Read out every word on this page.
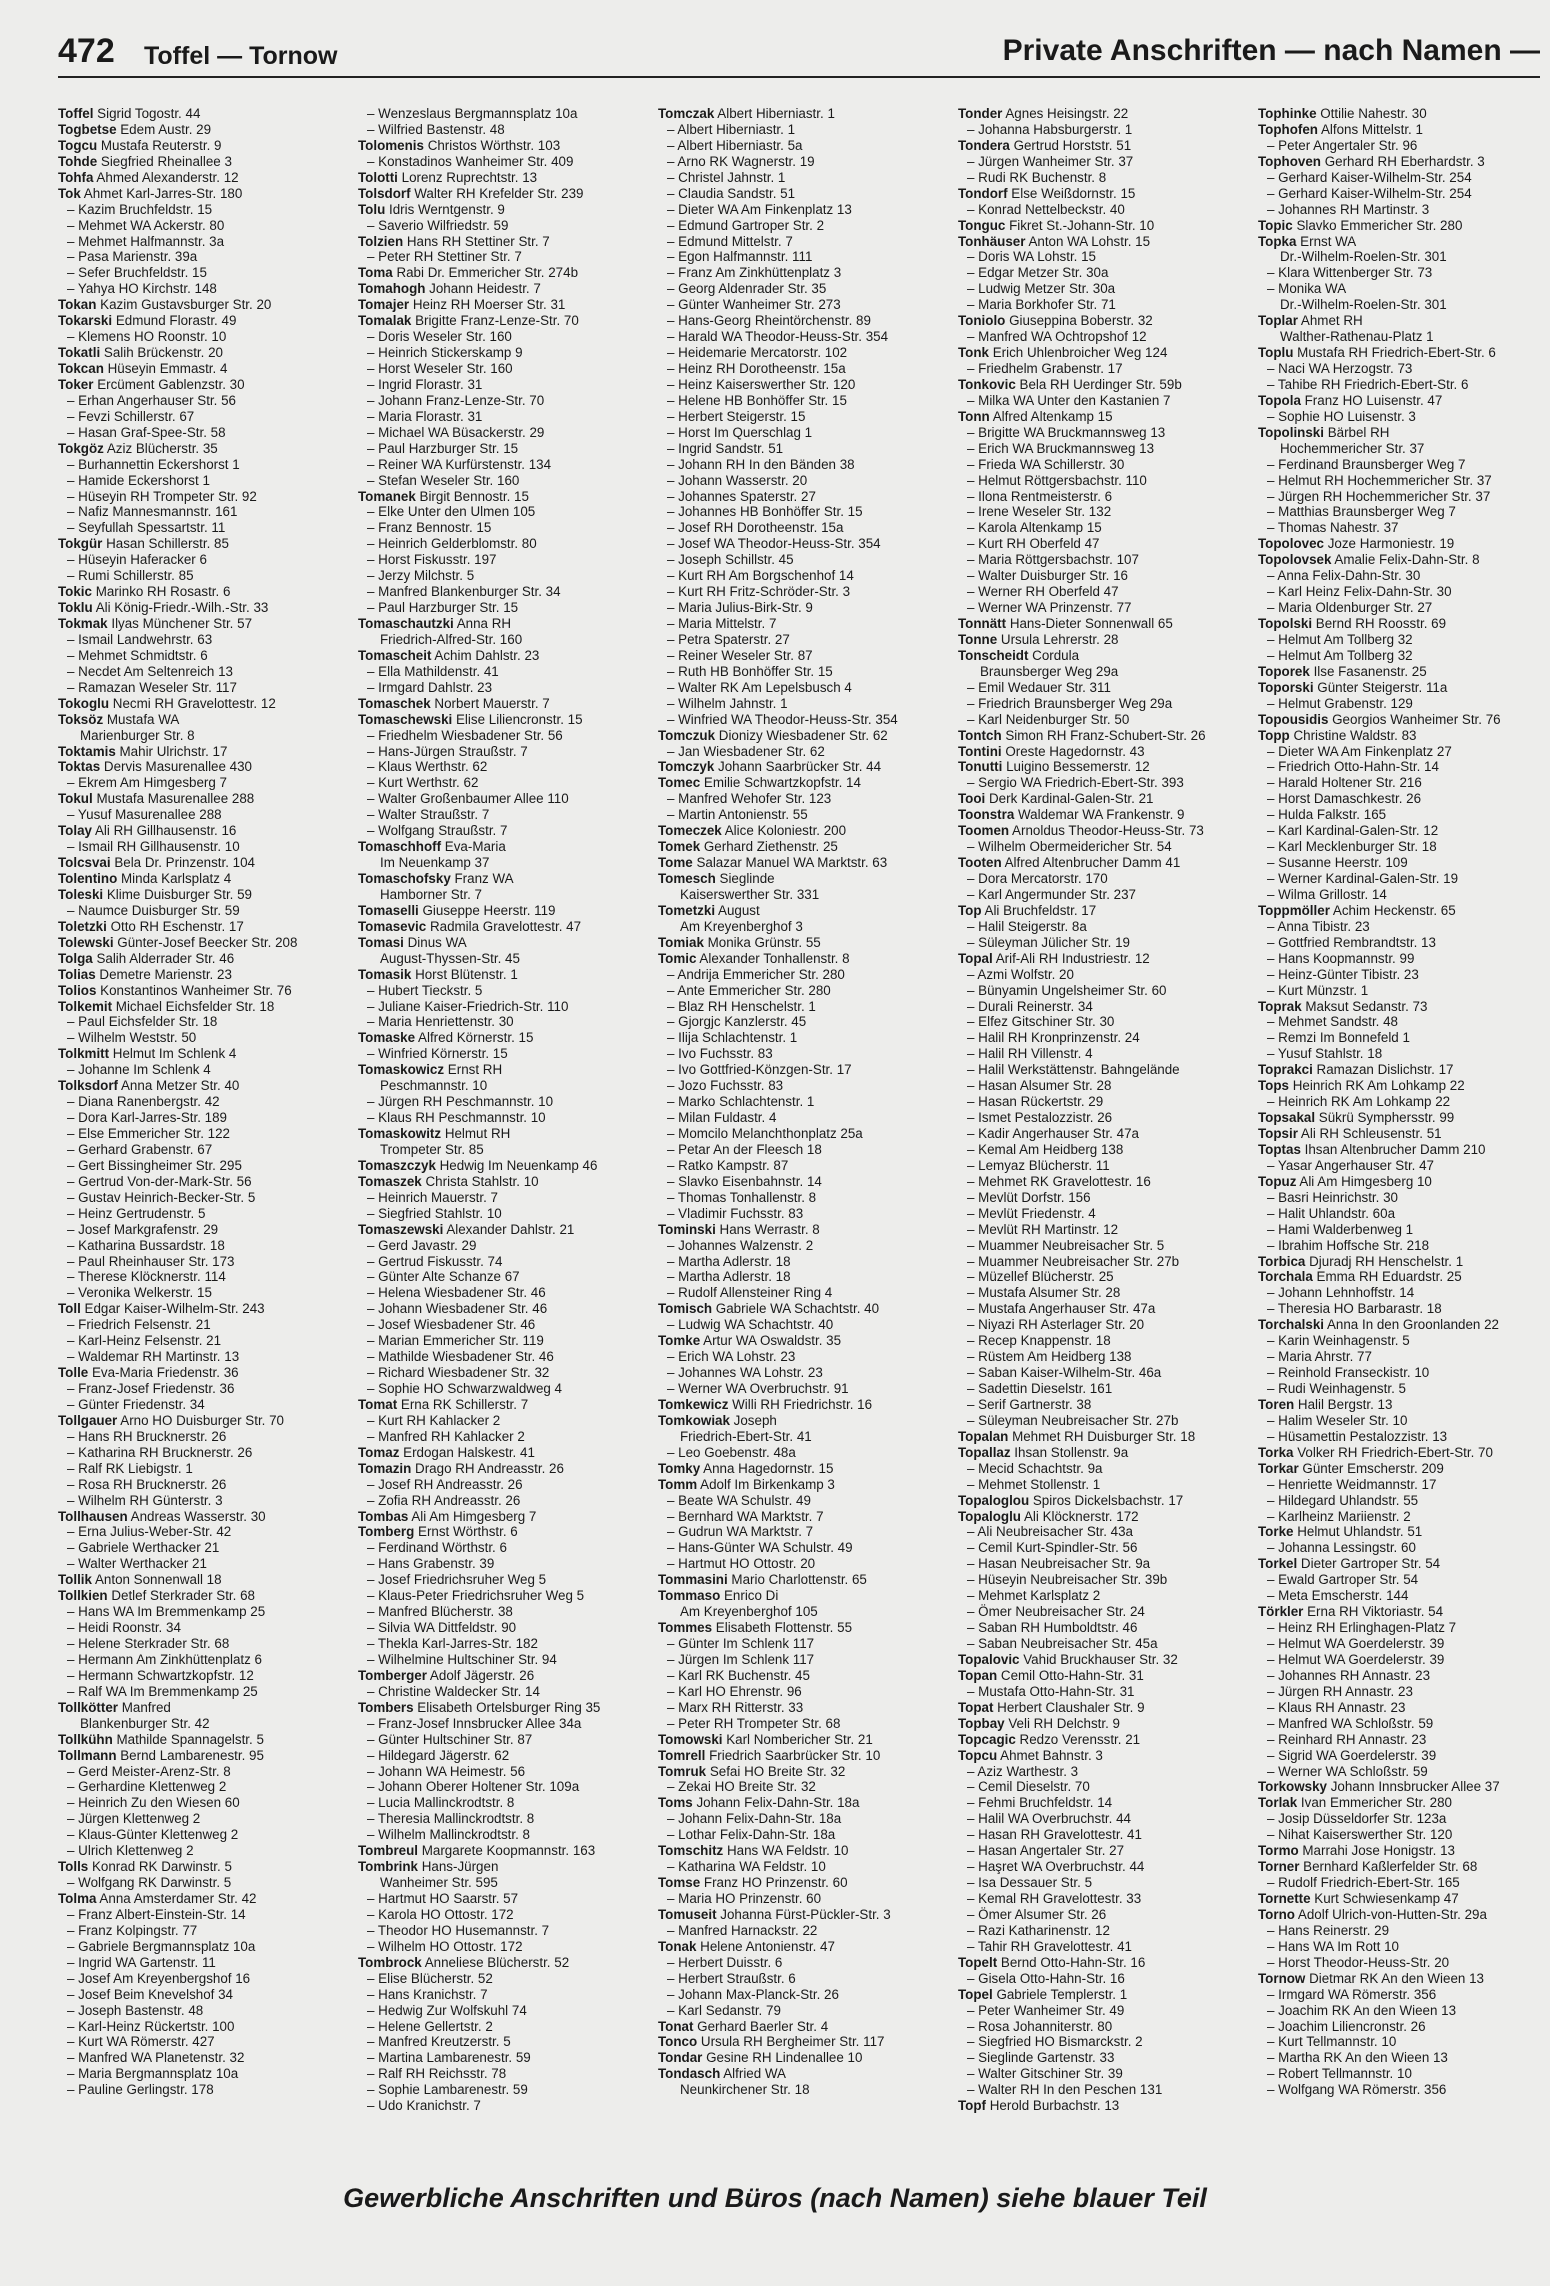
472 Toffel — Tornow	Private Anschriften — nach Namen —
Toffel Sigrid Togostr. 44
Togbetse Edem Austr. 29
Togcu Mustafa Reuterstr. 9
Tohde Siegfried Rheinallee 3
Tohfa Ahmed Alexanderstr. 12
Tok Ahmet Karl-Jarres-Str. 180
– Kazim Bruchfeldstr. 15
– Mehmet WA Ackerstr. 80
– Mehmet Halfmannstr. 3a
– Pasa Marienstr. 39a
– Sefer Bruchfeldstr. 15
– Yahya HO Kirchstr. 148
Tokan Kazim Gustavsburger Str. 20
Tokarski Edmund Florastr. 49
– Klemens HO Roonstr. 10
Tokatli Salih Brückenstr. 20
Tokcan Hüseyin Emmastr. 4
Toker Ercüment Gablenzstr. 30
– Erhan Angerhauser Str. 56
– Fevzi Schillerstr. 67
– Hasan Graf-Spee-Str. 58
Tokgöz Aziz Blücherstr. 35
– Burhannettin Eckershorst 1
– Hamide Eckershorst 1
– Hüseyin RH Trompeter Str. 92
– Nafiz Mannesmannstr. 161
– Seyfullah Spessartstr. 11
Tokgür Hasan Schillerstr. 85
– Hüseyin Haferacker 6
– Rumi Schillerstr. 85
Tokic Marinko RH Rosastr. 6
Toklu Ali König-Friedr.-Wilh.-Str. 33
Tokmak Ilyas Münchener Str. 57
– Ismail Landwehrstr. 63
– Mehmet Schmidtstr. 6
– Necdet Am Seltenreich 13
– Ramazan Weseler Str. 117
Tokoglu Necmi RH Gravelottestr. 12
Toksöz Mustafa WA
Marienburger Str. 8
Toktamis Mahir Ulrichstr. 17
Toktas Dervis Masurenallee 430
– Ekrem Am Himgesberg 7
Tokul Mustafa Masurenallee 288
– Yusuf Masurenallee 288
Tolay Ali RH Gillhausenstr. 16
– Ismail RH Gillhausenstr. 10
Tolcsvai Bela Dr. Prinzenstr. 104
Tolentino Minda Karlsplatz 4
Toleski Klime Duisburger Str. 59
– Naumce Duisburger Str. 59
Toletzki Otto RH Eschenstr. 17
Tolewski Günter-Josef Beecker Str. 208
Tolga Salih Alderrader Str. 46
Tolias Demetre Marienstr. 23
Tolios Konstantinos Wanheimer Str. 76
Tolkemit Michael Eichsfelder Str. 18
– Paul Eichsfelder Str. 18
– Wilhelm Weststr. 50
Tolkmitt Helmut Im Schlenk 4
– Johanne Im Schlenk 4
Tolksdorf Anna Metzer Str. 40
– Diana Ranenbergstr. 42
– Dora Karl-Jarres-Str. 189
– Else Emmericher Str. 122
– Gerhard Grabenstr. 67
– Gert Bissingheimer Str. 295
– Gertrud Von-der-Mark-Str. 56
– Gustav Heinrich-Becker-Str. 5
– Heinz Gertrudenstr. 5
– Josef Markgrafenstr. 29
– Katharina Bussardstr. 18
– Paul Rheinhauser Str. 173
– Therese Klöcknerstr. 114
– Veronika Welkerstr. 15
Toll Edgar Kaiser-Wilhelm-Str. 243
– Friedrich Felsenstr. 21
– Karl-Heinz Felsenstr. 21
– Waldemar RH Martinstr. 13
Tolle Eva-Maria Friedenstr. 36
– Franz-Josef Friedenstr. 36
– Günter Friedenstr. 34
Tollgauer Arno HO Duisburger Str. 70
– Hans RH Brucknerstr. 26
– Katharina RH Brucknerstr. 26
– Ralf RK Liebigstr. 1
– Rosa RH Brucknerstr. 26
– Wilhelm RH Günterstr. 3
Tollhausen Andreas Wasserstr. 30
– Erna Julius-Weber-Str. 42
– Gabriele Werthacker 21
– Walter Werthacker 21
Tollik Anton Sonnenwall 18
Tollkien Detlef Sterkrader Str. 68
– Hans WA Im Bremmenkamp 25
– Heidi Roonstr. 34
– Helene Sterkrader Str. 68
– Hermann Am Zinkhüttenplatz 6
– Hermann Schwartzkopfstr. 12
– Ralf WA Im Bremmenkamp 25
Tollkötter Manfred
Blankenburger Str. 42
Tollkühn Mathilde Spannagelstr. 5
Tollmann Bernd Lambarenestr. 95
– Gerd Meister-Arenz-Str. 8
– Gerhardine Klettenweg 2
– Heinrich Zu den Wiesen 60
– Jürgen Klettenweg 2
– Klaus-Günter Klettenweg 2
– Ulrich Klettenweg 2
Tolls Konrad RK Darwinstr. 5
– Wolfgang RK Darwinstr. 5
Tolma Anna Amsterdamer Str. 42
– Franz Albert-Einstein-Str. 14
– Franz Kolpingstr. 77
– Gabriele Bergmannsplatz 10a
– Ingrid WA Gartenstr. 11
– Josef Am Kreyenbergshof 16
– Josef Beim Knevelshof 34
– Joseph Bastenstr. 48
– Karl-Heinz Rückertstr. 100
– Kurt WA Römerstr. 427
– Manfred WA Planetenstr. 32
– Maria Bergmannsplatz 10a
– Pauline Gerlingstr. 178
– Wenzeslaus Bergmannsplatz 10a
– Wilfried Bastenstr. 48
Tolomenis Christos Wörthstr. 103
– Konstadinos Wanheimer Str. 409
Tolotti Lorenz Ruprechtstr. 13
Tolsdorf Walter RH Krefelder Str. 239
Tolu Idris Werntgenstr. 9
– Saverio Wilfriedstr. 59
Tolzien Hans RH Stettiner Str. 7
– Peter RH Stettiner Str. 7
Toma Rabi Dr. Emmericher Str. 274b
Tomahogh Johann Heidestr. 7
Tomajer Heinz RH Moerser Str. 31
Tomalak Brigitte Franz-Lenze-Str. 70
– Doris Weseler Str. 160
– Heinrich Stickerskamp 9
– Horst Weseler Str. 160
– Ingrid Florastr. 31
– Johann Franz-Lenze-Str. 70
– Maria Florastr. 31
– Michael WA Büsackerstr. 29
– Paul Harzburger Str. 15
– Reiner WA Kurfürstenstr. 134
– Stefan Weseler Str. 160
Tomanek Birgit Bennostr. 15
– Elke Unter den Ulmen 105
– Franz Bennostr. 15
– Heinrich Gelderblomstr. 80
– Horst Fiskusstr. 197
– Jerzy Milchstr. 5
– Manfred Blankenburger Str. 34
– Paul Harzburger Str. 15
Tomaschautzki Anna RH
Friedrich-Alfred-Str. 160
Tomascheit Achim Dahlstr. 23
– Ella Mathildenstr. 41
– Irmgard Dahlstr. 23
Tomaschek Norbert Mauerstr. 7
Tomaschewski Elise Liliencronstr. 15
– Friedhelm Wiesbadener Str. 56
– Hans-Jürgen Straußstr. 7
– Klaus Werthstr. 62
– Kurt Werthstr. 62
– Walter Großenbaumer Allee 110
– Walter Straußstr. 7
– Wolfgang Straußstr. 7
Tomaschhoff Eva-Maria
Im Neuenkamp 37
Tomaschofsky Franz WA
Hamborner Str. 7
Tomaselli Giuseppe Heerstr. 119
Tomasevic Radmila Gravelottestr. 47
Tomasi Dinus WA
August-Thyssen-Str. 45
Tomasik Horst Blütenstr. 1
– Hubert Tieckstr. 5
– Juliane Kaiser-Friedrich-Str. 110
– Maria Henriettenstr. 30
Tomaske Alfred Körnerstr. 15
– Winfried Körnerstr. 15
Tomaskowicz Ernst RH
Peschmannstr. 10
– Jürgen RH Peschmannstr. 10
– Klaus RH Peschmannstr. 10
Tomaskowitz Helmut RH
Trompeter Str. 85
Tomaszczyk Hedwig Im Neuenkamp 46
Tomaszek Christa Stahlstr. 10
– Heinrich Mauerstr. 7
– Siegfried Stahlstr. 10
Tomaszewski Alexander Dahlstr. 21
– Gerd Javastr. 29
– Gertrud Fiskusstr. 74
– Günter Alte Schanze 67
– Helena Wiesbadener Str. 46
– Johann Wiesbadener Str. 46
– Josef Wiesbadener Str. 46
– Marian Emmericher Str. 119
– Mathilde Wiesbadener Str. 46
– Richard Wiesbadener Str. 32
– Sophie HO Schwarzwaldweg 4
Tomat Erna RK Schillerstr. 7
– Kurt RH Kahlacker 2
– Manfred RH Kahlacker 2
Tomaz Erdogan Halskestr. 41
Tomazin Drago RH Andreasstr. 26
– Josef RH Andreasstr. 26
– Zofia RH Andreasstr. 26
Tombas Ali Am Himgesberg 7
Tomberg Ernst Wörthstr. 6
– Ferdinand Wörthstr. 6
– Hans Grabenstr. 39
– Josef Friedrichsruher Weg 5
– Klaus-Peter Friedrichsruher Weg 5
– Manfred Blücherstr. 38
– Silvia WA Dittfeldstr. 90
– Thekla Karl-Jarres-Str. 182
– Wilhelmine Hultschiner Str. 94
Tomberger Adolf Jägerstr. 26
– Christine Waldecker Str. 14
Tombers Elisabeth Ortelsburger Ring 35
– Franz-Josef Innsbrucker Allee 34a
– Günter Hultschiner Str. 87
– Hildegard Jägerstr. 62
– Johann WA Heimestr. 56
– Johann Oberer Holtener Str. 109a
– Lucia Mallinckrodtstr. 8
– Theresia Mallinckrodtstr. 8
– Wilhelm Mallinckrodtstr. 8
Tombreul Margarete Koopmannstr. 163
Tombrink Hans-Jürgen
Wanheimer Str. 595
– Hartmut HO Saarstr. 57
– Karola HO Ottostr. 172
– Theodor HO Husemannstr. 7
– Wilhelm HO Ottostr. 172
Tombrock Anneliese Blücherstr. 52
– Elise Blücherstr. 52
– Hans Kranichstr. 7
– Hedwig Zur Wolfskuhl 74
– Helene Gellertstr. 2
– Manfred Kreutzerstr. 5
– Martina Lambarenestr. 59
– Ralf RH Reichsstr. 78
– Sophie Lambarenestr. 59
– Udo Kranichstr. 7
Tomczak Albert Hiberniastr. 1
– Albert Hiberniastr. 1
– Albert Hiberniastr. 5a
– Arno RK Wagnerstr. 19
– Christel Jahnstr. 1
– Claudia Sandstr. 51
– Dieter WA Am Finkenplatz 13
– Edmund Gartroper Str. 2
– Edmund Mittelstr. 7
– Egon Halfmannstr. 111
– Franz Am Zinkhüttenplatz 3
– Georg Aldenrader Str. 35
– Günter Wanheimer Str. 273
– Hans-Georg Rheintörchenstr. 89
– Harald WA Theodor-Heuss-Str. 354
– Heidemarie Mercatorstr. 102
– Heinz RH Dorotheenstr. 15a
– Heinz Kaiserswerther Str. 120
– Helene HB Bonhöffer Str. 15
– Herbert Steigerstr. 15
– Horst Im Querschlag 1
– Ingrid Sandstr. 51
– Johann RH In den Bänden 38
– Johann Wasserstr. 20
– Johannes Spaterstr. 27
– Johannes HB Bonhöffer Str. 15
– Josef RH Dorotheenstr. 15a
– Josef WA Theodor-Heuss-Str. 354
– Joseph Schillstr. 45
– Kurt RH Am Borgschenhof 14
– Kurt RH Fritz-Schröder-Str. 3
– Maria Julius-Birk-Str. 9
– Maria Mittelstr. 7
– Petra Spaterstr. 27
– Reiner Weseler Str. 87
– Ruth HB Bonhöffer Str. 15
– Walter RK Am Lepelsbusch 4
– Wilhelm Jahnstr. 1
– Winfried WA Theodor-Heuss-Str. 354
Tomczuk Dionizy Wiesbadener Str. 62
– Jan Wiesbadener Str. 62
Tomczyk Johann Saarbrücker Str. 44
Tomec Emilie Schwartzkopfstr. 14
– Manfred Wehofer Str. 123
– Martin Antonienstr. 55
Tomeczek Alice Koloniestr. 200
Tomek Gerhard Ziethenstr. 25
Tome Salazar Manuel WA Marktstr. 63
Tomesch Sieglinde
Kaiserswerther Str. 331
Tometzki August
Am Kreyenberghof 3
Tomiak Monika Grünstr. 55
Tomic Alexander Tonhallenstr. 8
– Andrija Emmericher Str. 280
– Ante Emmericher Str. 280
– Blaz RH Henschelstr. 1
– Gjorgjc Kanzlerstr. 45
– Ilija Schlachtenstr. 1
– Ivo Fuchsstr. 83
– Ivo Gottfried-Könzgen-Str. 17
– Jozo Fuchsstr. 83
– Marko Schlachtenstr. 1
– Milan Fuldastr. 4
– Momcilo Melanchthonplatz 25a
– Petar An der Fleesch 18
– Ratko Kampstr. 87
– Slavko Eisenbahnstr. 14
– Thomas Tonhallenstr. 8
– Vladimir Fuchsstr. 83
Tominski Hans Werrastr. 8
– Johannes Walzenstr. 2
– Martha Adlerstr. 18
– Martha Adlerstr. 18
– Rudolf Allensteiner Ring 4
Tomisch Gabriele WA Schachtstr. 40
– Ludwig WA Schachtstr. 40
Tomke Artur WA Oswaldstr. 35
– Erich WA Lohstr. 23
– Johannes WA Lohstr. 23
– Werner WA Overbruchstr. 91
Tomkewicz Willi RH Friedrichstr. 16
Tomkowiak Joseph
Friedrich-Ebert-Str. 41
– Leo Goebenstr. 48a
Tomky Anna Hagedornstr. 15
Tomm Adolf Im Birkenkamp 3
– Beate WA Schulstr. 49
– Bernhard WA Marktstr. 7
– Gudrun WA Marktstr. 7
– Hans-Günter WA Schulstr. 49
– Hartmut HO Ottostr. 20
Tommasini Mario Charlottenstr. 65
Tommaso Enrico Di
Am Kreyenberghof 105
Tommes Elisabeth Flottenstr. 55
– Günter Im Schlenk 117
– Jürgen Im Schlenk 117
– Karl RK Buchenstr. 45
– Karl HO Ehrenstr. 96
– Marx RH Ritterstr. 33
– Peter RH Trompeter Str. 68
Tomowski Karl Nombericher Str. 21
Tomrell Friedrich Saarbrücker Str. 10
Tomruk Sefai HO Breite Str. 32
– Zekai HO Breite Str. 32
Toms Johann Felix-Dahn-Str. 18a
– Johann Felix-Dahn-Str. 18a
– Lothar Felix-Dahn-Str. 18a
Tomschitz Hans WA Feldstr. 10
– Katharina WA Feldstr. 10
Tomse Franz HO Prinzenstr. 60
– Maria HO Prinzenstr. 60
Tomuseit Johanna Fürst-Pückler-Str. 3
– Manfred Harnackstr. 22
Tonak Helene Antonienstr. 47
– Herbert Duisstr. 6
– Herbert Straußstr. 6
– Johann Max-Planck-Str. 26
– Karl Sedanstr. 79
Tonat Gerhard Baerler Str. 4
Tonco Ursula RH Bergheimer Str. 117
Tondar Gesine RH Lindenallee 10
Tondasch Alfried WA
Neunkirchener Str. 18
Tonder Agnes Heisingstr. 22
– Johanna Habsburgerstr. 1
Tondera Gertrud Horststr. 51
– Jürgen Wanheimer Str. 37
– Rudi RK Buchenstr. 8
Tondorf Else Weißdornstr. 15
– Konrad Nettelbeckstr. 40
Tonguc Fikret St.-Johann-Str. 10
Tonhäuser Anton WA Lohstr. 15
– Doris WA Lohstr. 15
– Edgar Metzer Str. 30a
– Ludwig Metzer Str. 30a
– Maria Borkhofer Str. 71
Toniolo Giuseppina Boberstr. 32
– Manfred WA Ochtropshof 12
Tonk Erich Uhlenbroicher Weg 124
– Friedhelm Grabenstr. 17
Tonkovic Bela RH Uerdinger Str. 59b
– Milka WA Unter den Kastanien 7
Tonn Alfred Altenkamp 15
– Brigitte WA Bruckmannsweg 13
– Erich WA Bruckmannsweg 13
– Frieda WA Schillerstr. 30
– Helmut Röttgersbachstr. 110
– Ilona Rentmeisterstr. 6
– Irene Weseler Str. 132
– Karola Altenkamp 15
– Kurt RH Oberfeld 47
– Maria Röttgersbachstr. 107
– Walter Duisburger Str. 16
– Werner RH Oberfeld 47
– Werner WA Prinzenstr. 77
Tonnätt Hans-Dieter Sonnenwall 65
Tonne Ursula Lehrerstr. 28
Tonscheidt Cordula
Braunsberger Weg 29a
– Emil Wedauer Str. 311
– Friedrich Braunsberger Weg 29a
– Karl Neidenburger Str. 50
Tontch Simon RH Franz-Schubert-Str. 26
Tontini Oreste Hagedornstr. 43
Tonutti Luigino Bessemerstr. 12
– Sergio WA Friedrich-Ebert-Str. 393
Tooi Derk Kardinal-Galen-Str. 21
Toonstra Waldemar WA Frankenstr. 9
Toomen Arnoldus Theodor-Heuss-Str. 73
– Wilhelm Obermeidericher Str. 54
Tooten Alfred Altenbrucher Damm 41
– Dora Mercatorstr. 170
– Karl Angermunder Str. 237
Top Ali Bruchfeldstr. 17
– Halil Steigerstr. 8a
– Süleyman Jülicher Str. 19
Topal Arif-Ali RH Industriestr. 12
– Azmi Wolfstr. 20
– Bünyamin Ungelsheimer Str. 60
– Durali Reinerstr. 34
– Elfez Gitschiner Str. 30
– Halil RH Kronprinzenstr. 24
– Halil RH Villenstr. 4
– Halil Werkstättenstr. Bahngelände
– Hasan Alsumer Str. 28
– Hasan Rückertstr. 29
– Ismet Pestalozzistr. 26
– Kadir Angerhauser Str. 47a
– Kemal Am Heidberg 138
– Lemyaz Blücherstr. 11
– Mehmet RK Gravelottestr. 16
– Mevlüt Dorfstr. 156
– Mevlüt Friedenstr. 4
– Mevlüt RH Martinstr. 12
– Muammer Neubreisacher Str. 5
– Muammer Neubreisacher Str. 27b
– Müzellef Blücherstr. 25
– Mustafa Alsumer Str. 28
– Mustafa Angerhauser Str. 47a
– Niyazi RH Asterlager Str. 20
– Recep Knappenstr. 18
– Rüstem Am Heidberg 138
– Saban Kaiser-Wilhelm-Str. 46a
– Sadettin Dieselstr. 161
– Serif Gartnerstr. 38
– Süleyman Neubreisacher Str. 27b
Topalan Mehmet RH Duisburger Str. 18
Topallaz Ihsan Stollenstr. 9a
– Mecid Schachtstr. 9a
– Mehmet Stollenstr. 1
Topaloglou Spiros Dickelsbachstr. 17
Topaloglu Ali Klöcknerstr. 172
– Ali Neubreisacher Str. 43a
– Cemil Kurt-Spindler-Str. 56
– Hasan Neubreisacher Str. 9a
– Hüseyin Neubreisacher Str. 39b
– Mehmet Karlsplatz 2
– Ömer Neubreisacher Str. 24
– Saban RH Humboldtstr. 46
– Saban Neubreisacher Str. 45a
Topalovic Vahid Bruckhauser Str. 32
Topan Cemil Otto-Hahn-Str. 31
– Mustafa Otto-Hahn-Str. 31
Topat Herbert Claushaler Str. 9
Topbay Veli RH Delchstr. 9
Topcagic Redzo Verensstr. 21
Topcu Ahmet Bahnstr. 3
– Aziz Warthestr. 3
– Cemil Dieselstr. 70
– Fehmi Bruchfeldstr. 14
– Halil WA Overbruchstr. 44
– Hasan RH Gravelottestr. 41
– Hasan Angertaler Str. 27
– Haşret WA Overbruchstr. 44
– Isa Dessauer Str. 5
– Kemal RH Gravelottestr. 33
– Ömer Alsumer Str. 26
– Razi Katharinenstr. 12
– Tahir RH Gravelottestr. 41
Topelt Bernd Otto-Hahn-Str. 16
– Gisela Otto-Hahn-Str. 16
Topel Gabriele Templerstr. 1
– Peter Wanheimer Str. 49
– Rosa Johanniterstr. 80
– Siegfried HO Bismarckstr. 2
– Sieglinde Gartenstr. 33
– Walter Gitschiner Str. 39
– Walter RH In den Peschen 131
Topf Herold Burbachstr. 13
Tophinke Ottilie Nahestr. 30
Tophofen Alfons Mittelstr. 1
– Peter Angertaler Str. 96
Tophoven Gerhard RH Eberhardstr. 3
– Gerhard Kaiser-Wilhelm-Str. 254
– Gerhard Kaiser-Wilhelm-Str. 254
– Johannes RH Martinstr. 3
Topic Slavko Emmericher Str. 280
Topka Ernst WA
Dr.-Wilhelm-Roelen-Str. 301
– Klara Wittenberger Str. 73
– Monika WA
Dr.-Wilhelm-Roelen-Str. 301
Toplar Ahmet RH
Walther-Rathenau-Platz 1
Toplu Mustafa RH Friedrich-Ebert-Str. 6
– Naci WA Herzogstr. 73
– Tahibe RH Friedrich-Ebert-Str. 6
Topola Franz HO Luisenstr. 47
– Sophie HO Luisenstr. 3
Topolinski Bärbel RH
Hochemmericher Str. 37
– Ferdinand Braunsberger Weg 7
– Helmut RH Hochemmericher Str. 37
– Jürgen RH Hochemmericher Str. 37
– Matthias Braunsberger Weg 7
– Thomas Nahestr. 37
Topolovec Joze Harmoniestr. 19
Topolovsek Amalie Felix-Dahn-Str. 8
– Anna Felix-Dahn-Str. 30
– Karl Heinz Felix-Dahn-Str. 30
– Maria Oldenburger Str. 27
Topolski Bernd RH Roosstr. 69
– Helmut Am Tollberg 32
– Helmut Am Tollberg 32
Toporek Ilse Fasanenstr. 25
Toporski Günter Steigerstr. 11a
– Helmut Grabenstr. 129
Topousidis Georgios Wanheimer Str. 76
Topp Christine Waldstr. 83
– Dieter WA Am Finkenplatz 27
– Friedrich Otto-Hahn-Str. 14
– Harald Holtener Str. 216
– Horst Damaschkestr. 26
– Hulda Falkstr. 165
– Karl Kardinal-Galen-Str. 12
– Karl Mecklenburger Str. 18
– Susanne Heerstr. 109
– Werner Kardinal-Galen-Str. 19
– Wilma Grillostr. 14
Toppmöller Achim Heckenstr. 65
– Anna Tibistr. 23
– Gottfried Rembrandtstr. 13
– Hans Koopmannstr. 99
– Heinz-Günter Tibistr. 23
– Kurt Münzstr. 1
Toprak Maksut Sedanstr. 73
– Mehmet Sandstr. 48
– Remzi Im Bonnefeld 1
– Yusuf Stahlstr. 18
Toprakci Ramazan Dislichstr. 17
Tops Heinrich RK Am Lohkamp 22
– Heinrich RK Am Lohkamp 22
Topsakal Sükrü Symphersstr. 99
Topsir Ali RH Schleusenstr. 51
Toptas Ihsan Altenbrucher Damm 210
– Yasar Angerhauser Str. 47
Topuz Ali Am Himgesberg 10
– Basri Heinrichstr. 30
– Halit Uhlandstr. 60a
– Hami Walderbenweg 1
– Ibrahim Hoffsche Str. 218
Torbica Djuradj RH Henschelstr. 1
Torchala Emma RH Eduardstr. 25
– Johann Lehnhoffstr. 14
– Theresia HO Barbarastr. 18
Torchalski Anna In den Groonlanden 22
– Karin Weinhagenstr. 5
– Maria Ahrstr. 77
– Reinhold Franseckistr. 10
– Rudi Weinhagenstr. 5
Toren Halil Bergstr. 13
– Halim Weseler Str. 10
– Hüsamettin Pestalozzistr. 13
Torka Volker RH Friedrich-Ebert-Str. 70
Torkar Günter Emscherstr. 209
– Henriette Weidmannstr. 17
– Hildegard Uhlandstr. 55
– Karlheinz Mariienstr. 2
Torke Helmut Uhlandstr. 51
– Johanna Lessingstr. 60
Torkel Dieter Gartroper Str. 54
– Ewald Gartroper Str. 54
– Meta Emscherstr. 144
Törkler Erna RH Viktoriastr. 54
– Heinz RH Erlinghagen-Platz 7
– Helmut WA Goerdelerstr. 39
– Helmut WA Goerdelerstr. 39
– Johannes RH Annastr. 23
– Jürgen RH Annastr. 23
– Klaus RH Annastr. 23
– Manfred WA Schloßstr. 59
– Reinhard RH Annastr. 23
– Sigrid WA Goerdelerstr. 39
– Werner WA Schloßstr. 59
Torkowsky Johann Innsbrucker Allee 37
Torlak Ivan Emmericher Str. 280
– Josip Düsseldorfer Str. 123a
– Nihat Kaiserswerther Str. 120
Tormo Marrahi Jose Honigstr. 13
Torner Bernhard Kaßlerfelder Str. 68
– Rudolf Friedrich-Ebert-Str. 165
Tornette Kurt Schwiesenkamp 47
Torno Adolf Ulrich-von-Hutten-Str. 29a
– Hans Reinerstr. 29
– Hans WA Im Rott 10
– Horst Theodor-Heuss-Str. 20
Tornow Dietmar RK An den Wieen 13
– Irmgard WA Römerstr. 356
– Joachim RK An den Wieen 13
– Joachim Liliencronstr. 26
– Kurt Tellmannstr. 10
– Martha RK An den Wieen 13
– Robert Tellmannstr. 10
– Wolfgang WA Römerstr. 356
Gewerbliche Anschriften und Büros (nach Namen) siehe blauer Teil
